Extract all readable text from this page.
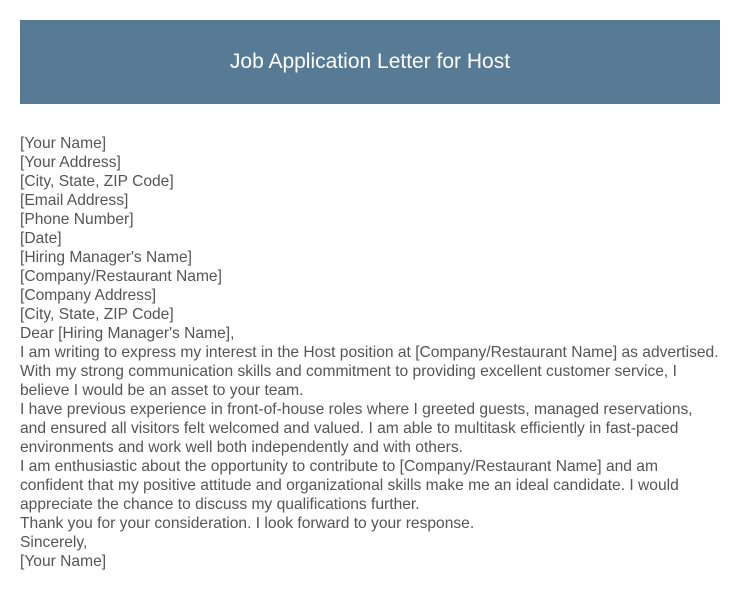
Job Application Letter for Host
[Your Name]
[Your Address]
[City, State, ZIP Code]
[Email Address]
[Phone Number]
[Date]
[Hiring Manager's Name]
[Company/Restaurant Name]
[Company Address]
[City, State, ZIP Code]
Dear [Hiring Manager's Name],
I am writing to express my interest in the Host position at [Company/Restaurant Name] as advertised. With my strong communication skills and commitment to providing excellent customer service, I believe I would be an asset to your team.
I have previous experience in front-of-house roles where I greeted guests, managed reservations, and ensured all visitors felt welcomed and valued. I am able to multitask efficiently in fast-paced environments and work well both independently and with others.
I am enthusiastic about the opportunity to contribute to [Company/Restaurant Name] and am confident that my positive attitude and organizational skills make me an ideal candidate. I would appreciate the chance to discuss my qualifications further.
Thank you for your consideration. I look forward to your response.
Sincerely,
[Your Name]
